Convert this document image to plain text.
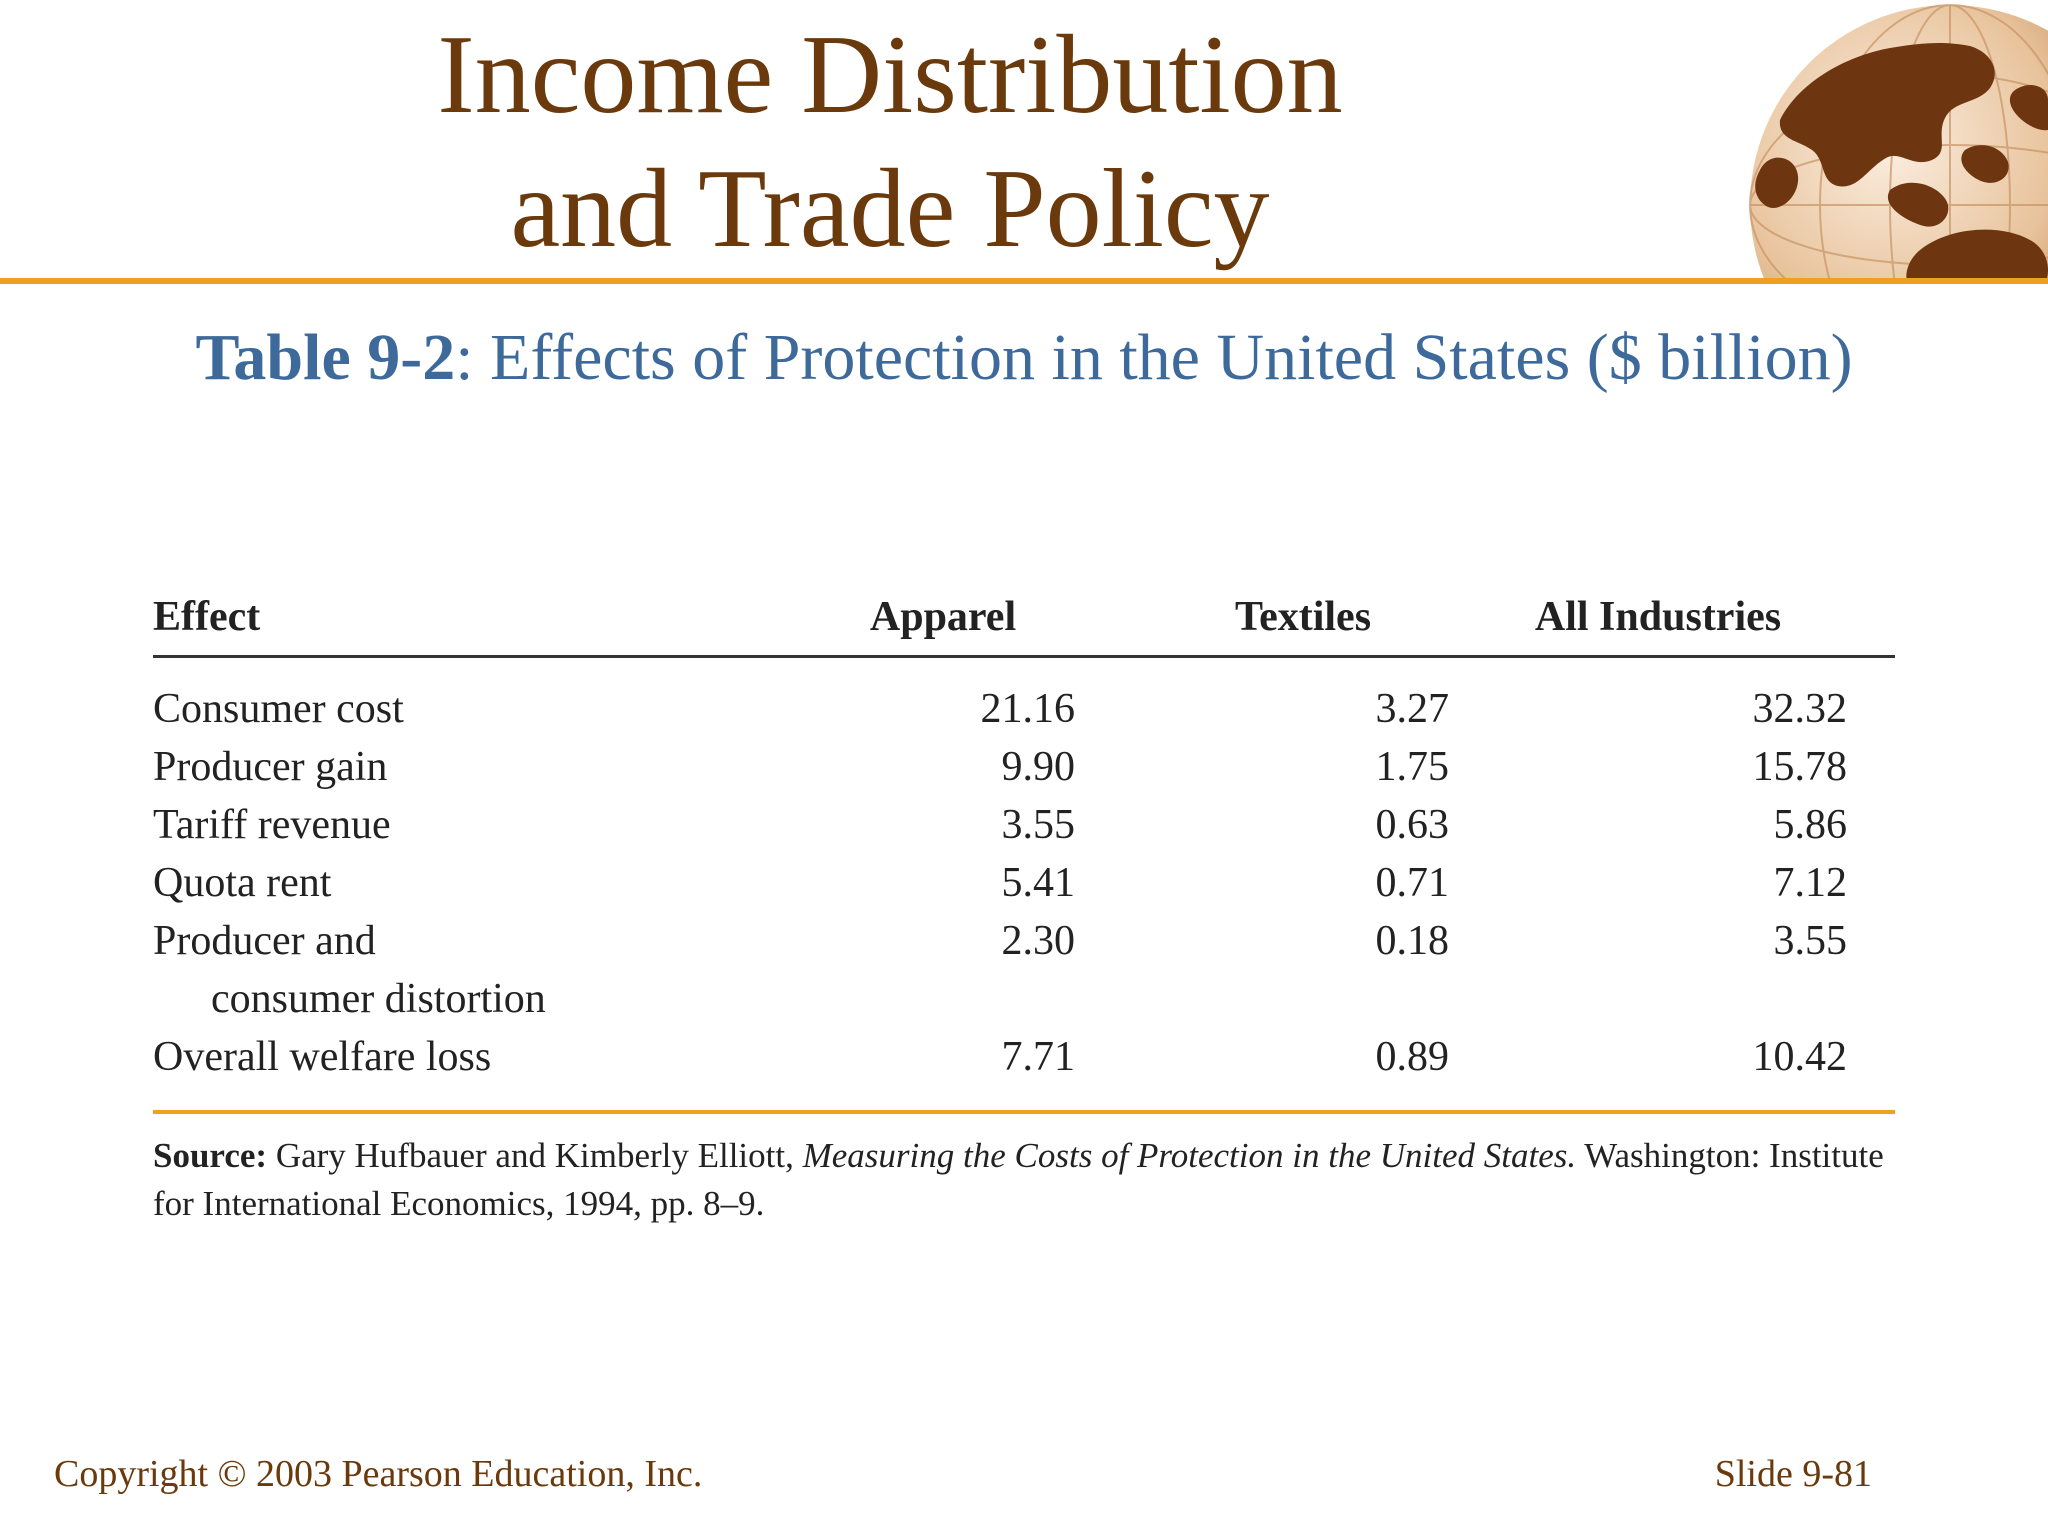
Income Distribution
and Trade Policy
Table 9-2: Effects of Protection in the United States ($ billion)
Effect	Apparel	Textiles	All Industries
Consumer cost	21.16	3.27	32.32
Producer gain	9.90	1.75	15.78
Tariff revenue	3.55	0.63	5.86
Quota rent	5.41	0.71	7.12
Producer and
consumer distortion
2.30	0.18	3.55
Overall welfare loss	7.71	0.89	10.42
Source: Gary Hufbauer and Kimberly Elliott, Measuring the Costs of Protection in the United States. Washington: Institute for International Economics, 1994, pp. 8–9.
Copyright © 2003 Pearson Education, Inc.	Slide 9-81
